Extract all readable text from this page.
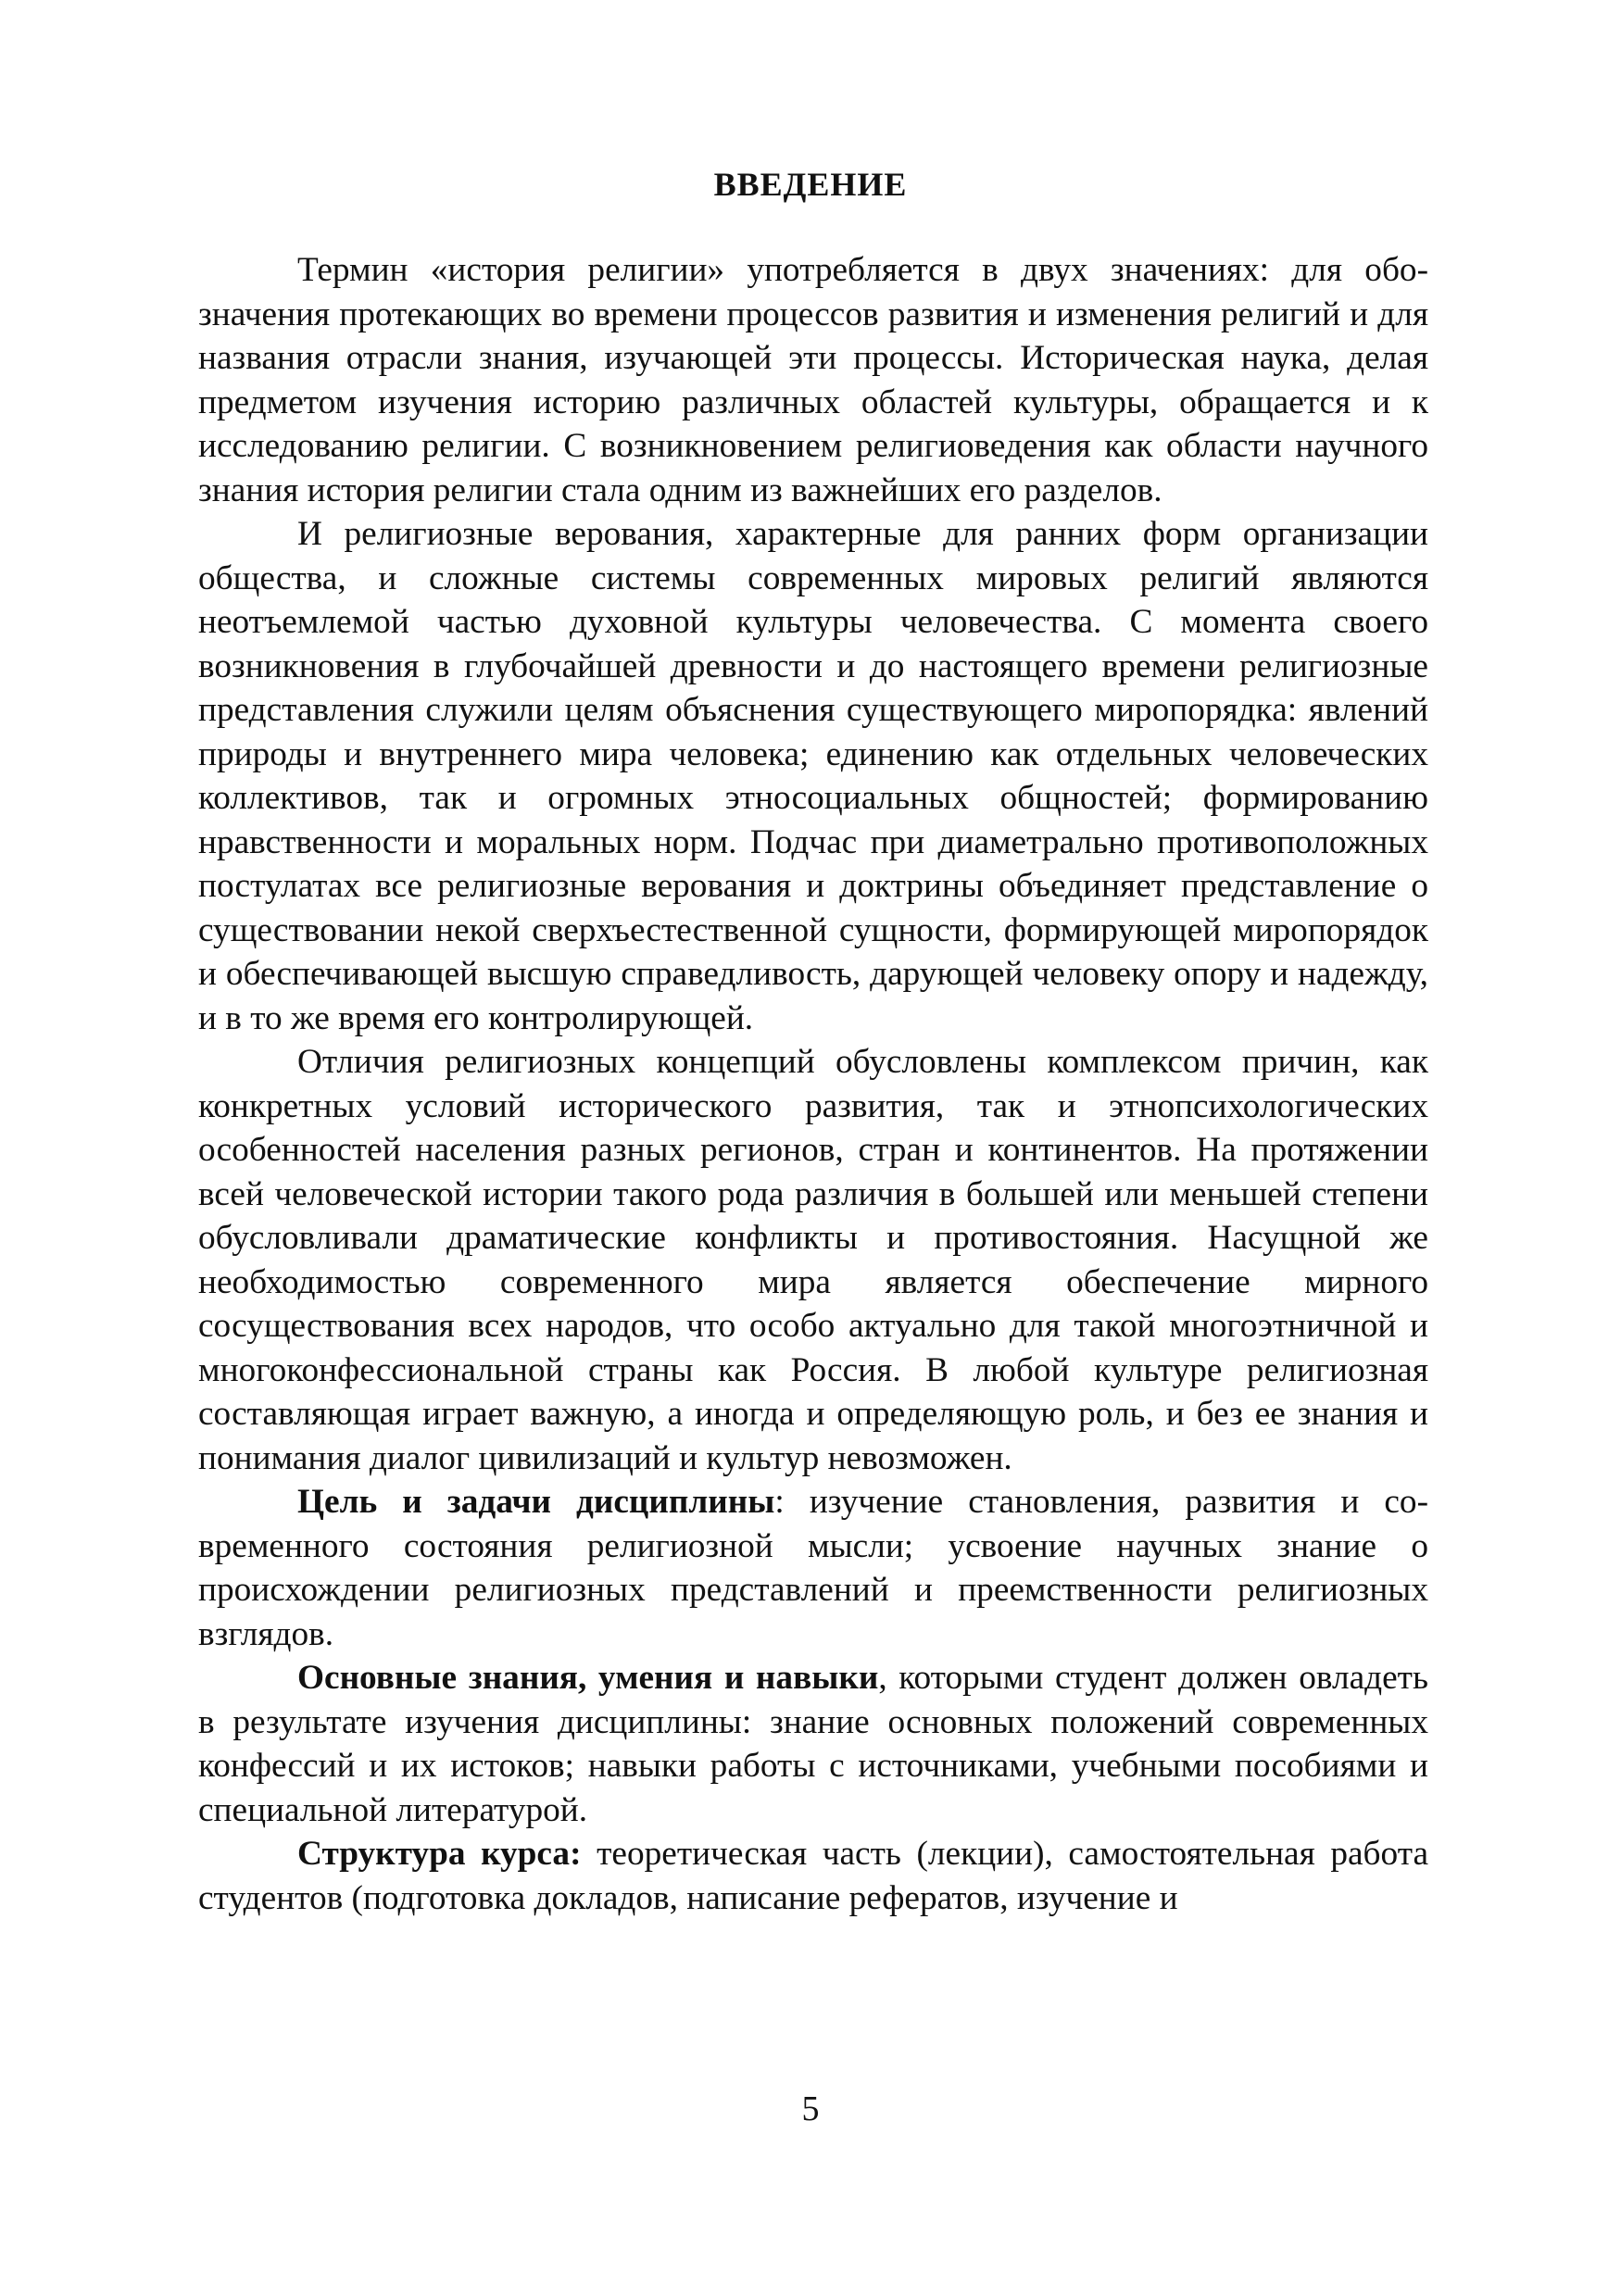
ВВЕДЕНИЕ

Термин «история религии» употребляется в двух значениях: для обозначения протекающих во времени процессов развития и изменения религий и для названия отрасли знания, изучающей эти процессы. Историческая наука, делая предметом изучения историю различных областей культуры, обращается и к исследованию религии. С возникновением религиоведения как области научного знания история религии стала одним из важнейших его разделов.

И религиозные верования, характерные для ранних форм организации общества, и сложные системы современных мировых религий являются неотъемлемой частью духовной культуры человечества. С момента своего возникновения в глубочайшей древности и до настоящего времени религиозные представления служили целям объяснения существующего миропорядка: явлений природы и внутреннего мира человека; единению как отдельных человеческих коллективов, так и огромных этносоциальных общностей; формированию нравственности и моральных норм. Подчас при диаметрально противоположных постулатах все религиозные верования и доктрины объединяет представление о существовании некой сверхъестественной сущности, формирующей миропорядок и обеспечивающей высшую справедливость, дарующей человеку опору и надежду, и в то же время его контролирующей.

Отличия религиозных концепций обусловлены комплексом причин, как конкретных условий исторического развития, так и этнопсихологических особенностей населения разных регионов, стран и континентов. На протяжении всей человеческой истории такого рода различия в большей или меньшей степени обусловливали драматические конфликты и противостояния. Насущной же необходимостью современного мира является обеспечение мирного сосуществования всех народов, что особо актуально для такой многоэтничной и многоконфессиональной страны как Россия. В любой культуре религиозная составляющая играет важную, а иногда и определяющую роль, и без ее знания и понимания диалог цивилизаций и культур невозможен.

Цель и задачи дисциплины: изучение становления, развития и современного состояния религиозной мысли; усвоение научных знание о происхождении религиозных представлений и преемственности религиозных взглядов.

Основные знания, умения и навыки, которыми студент должен овладеть в результате изучения дисциплины: знание основных положений современных конфессий и их истоков; навыки работы с источниками, учебными пособиями и специальной литературой.

Структура курса: теоретическая часть (лекции), самостоятельная работа студентов (подготовка докладов, написание рефератов, изучение и

5
